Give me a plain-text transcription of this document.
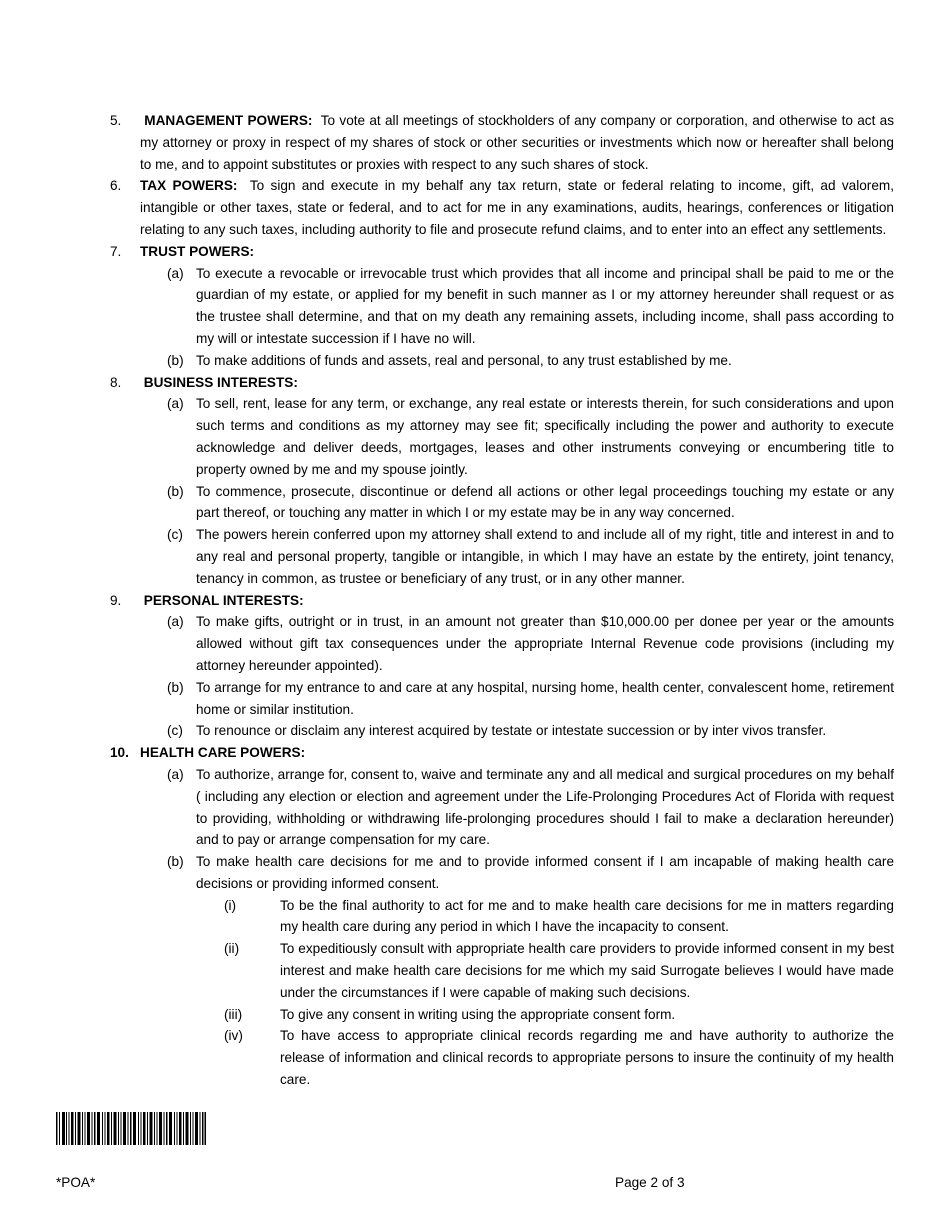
5. MANAGEMENT POWERS: To vote at all meetings of stockholders of any company or corporation, and otherwise to act as my attorney or proxy in respect of my shares of stock or other securities or investments which now or hereafter shall belong to me, and to appoint substitutes or proxies with respect to any such shares of stock.
6. TAX POWERS: To sign and execute in my behalf any tax return, state or federal relating to income, gift, ad valorem, intangible or other taxes, state or federal, and to act for me in any examinations, audits, hearings, conferences or litigation relating to any such taxes, including authority to file and prosecute refund claims, and to enter into an effect any settlements.
7. TRUST POWERS:
(a) To execute a revocable or irrevocable trust which provides that all income and principal shall be paid to me or the guardian of my estate, or applied for my benefit in such manner as I or my attorney hereunder shall request or as the trustee shall determine, and that on my death any remaining assets, including income, shall pass according to my will or intestate succession if I have no will.
(b) To make additions of funds and assets, real and personal, to any trust established by me.
8. BUSINESS INTERESTS:
(a) To sell, rent, lease for any term, or exchange, any real estate or interests therein, for such considerations and upon such terms and conditions as my attorney may see fit; specifically including the power and authority to execute acknowledge and deliver deeds, mortgages, leases and other instruments conveying or encumbering title to property owned by me and my spouse jointly.
(b) To commence, prosecute, discontinue or defend all actions or other legal proceedings touching my estate or any part thereof, or touching any matter in which I or my estate may be in any way concerned.
(c) The powers herein conferred upon my attorney shall extend to and include all of my right, title and interest in and to any real and personal property, tangible or intangible, in which I may have an estate by the entirety, joint tenancy, tenancy in common, as trustee or beneficiary of any trust, or in any other manner.
9. PERSONAL INTERESTS:
(a) To make gifts, outright or in trust, in an amount not greater than $10,000.00 per donee per year or the amounts allowed without gift tax consequences under the appropriate Internal Revenue code provisions (including my attorney hereunder appointed).
(b) To arrange for my entrance to and care at any hospital, nursing home, health center, convalescent home, retirement home or similar institution.
(c) To renounce or disclaim any interest acquired by testate or intestate succession or by inter vivos transfer.
10. HEALTH CARE POWERS:
(a) To authorize, arrange for, consent to, waive and terminate any and all medical and surgical procedures on my behalf ( including any election or election and agreement under the Life-Prolonging Procedures Act of Florida with request to providing, withholding or withdrawing life-prolonging procedures should I fail to make a declaration hereunder) and to pay or arrange compensation for my care.
(b) To make health care decisions for me and to provide informed consent if I am incapable of making health care decisions or providing informed consent.
(i)	To be the final authority to act for me and to make health care decisions for me in matters regarding my health care during any period in which I have the incapacity to consent.
(ii)	To expeditiously consult with appropriate health care providers to provide informed consent in my best interest and make health care decisions for me which my said Surrogate believes I would have made under the circumstances if I were capable of making such decisions.
(iii)	To give any consent in writing using the appropriate consent form.
(iv)	To have access to appropriate clinical records regarding me and have authority to authorize the release of information and clinical records to appropriate persons to insure the continuity of my health care.
*POA*	Page 2 of 3
